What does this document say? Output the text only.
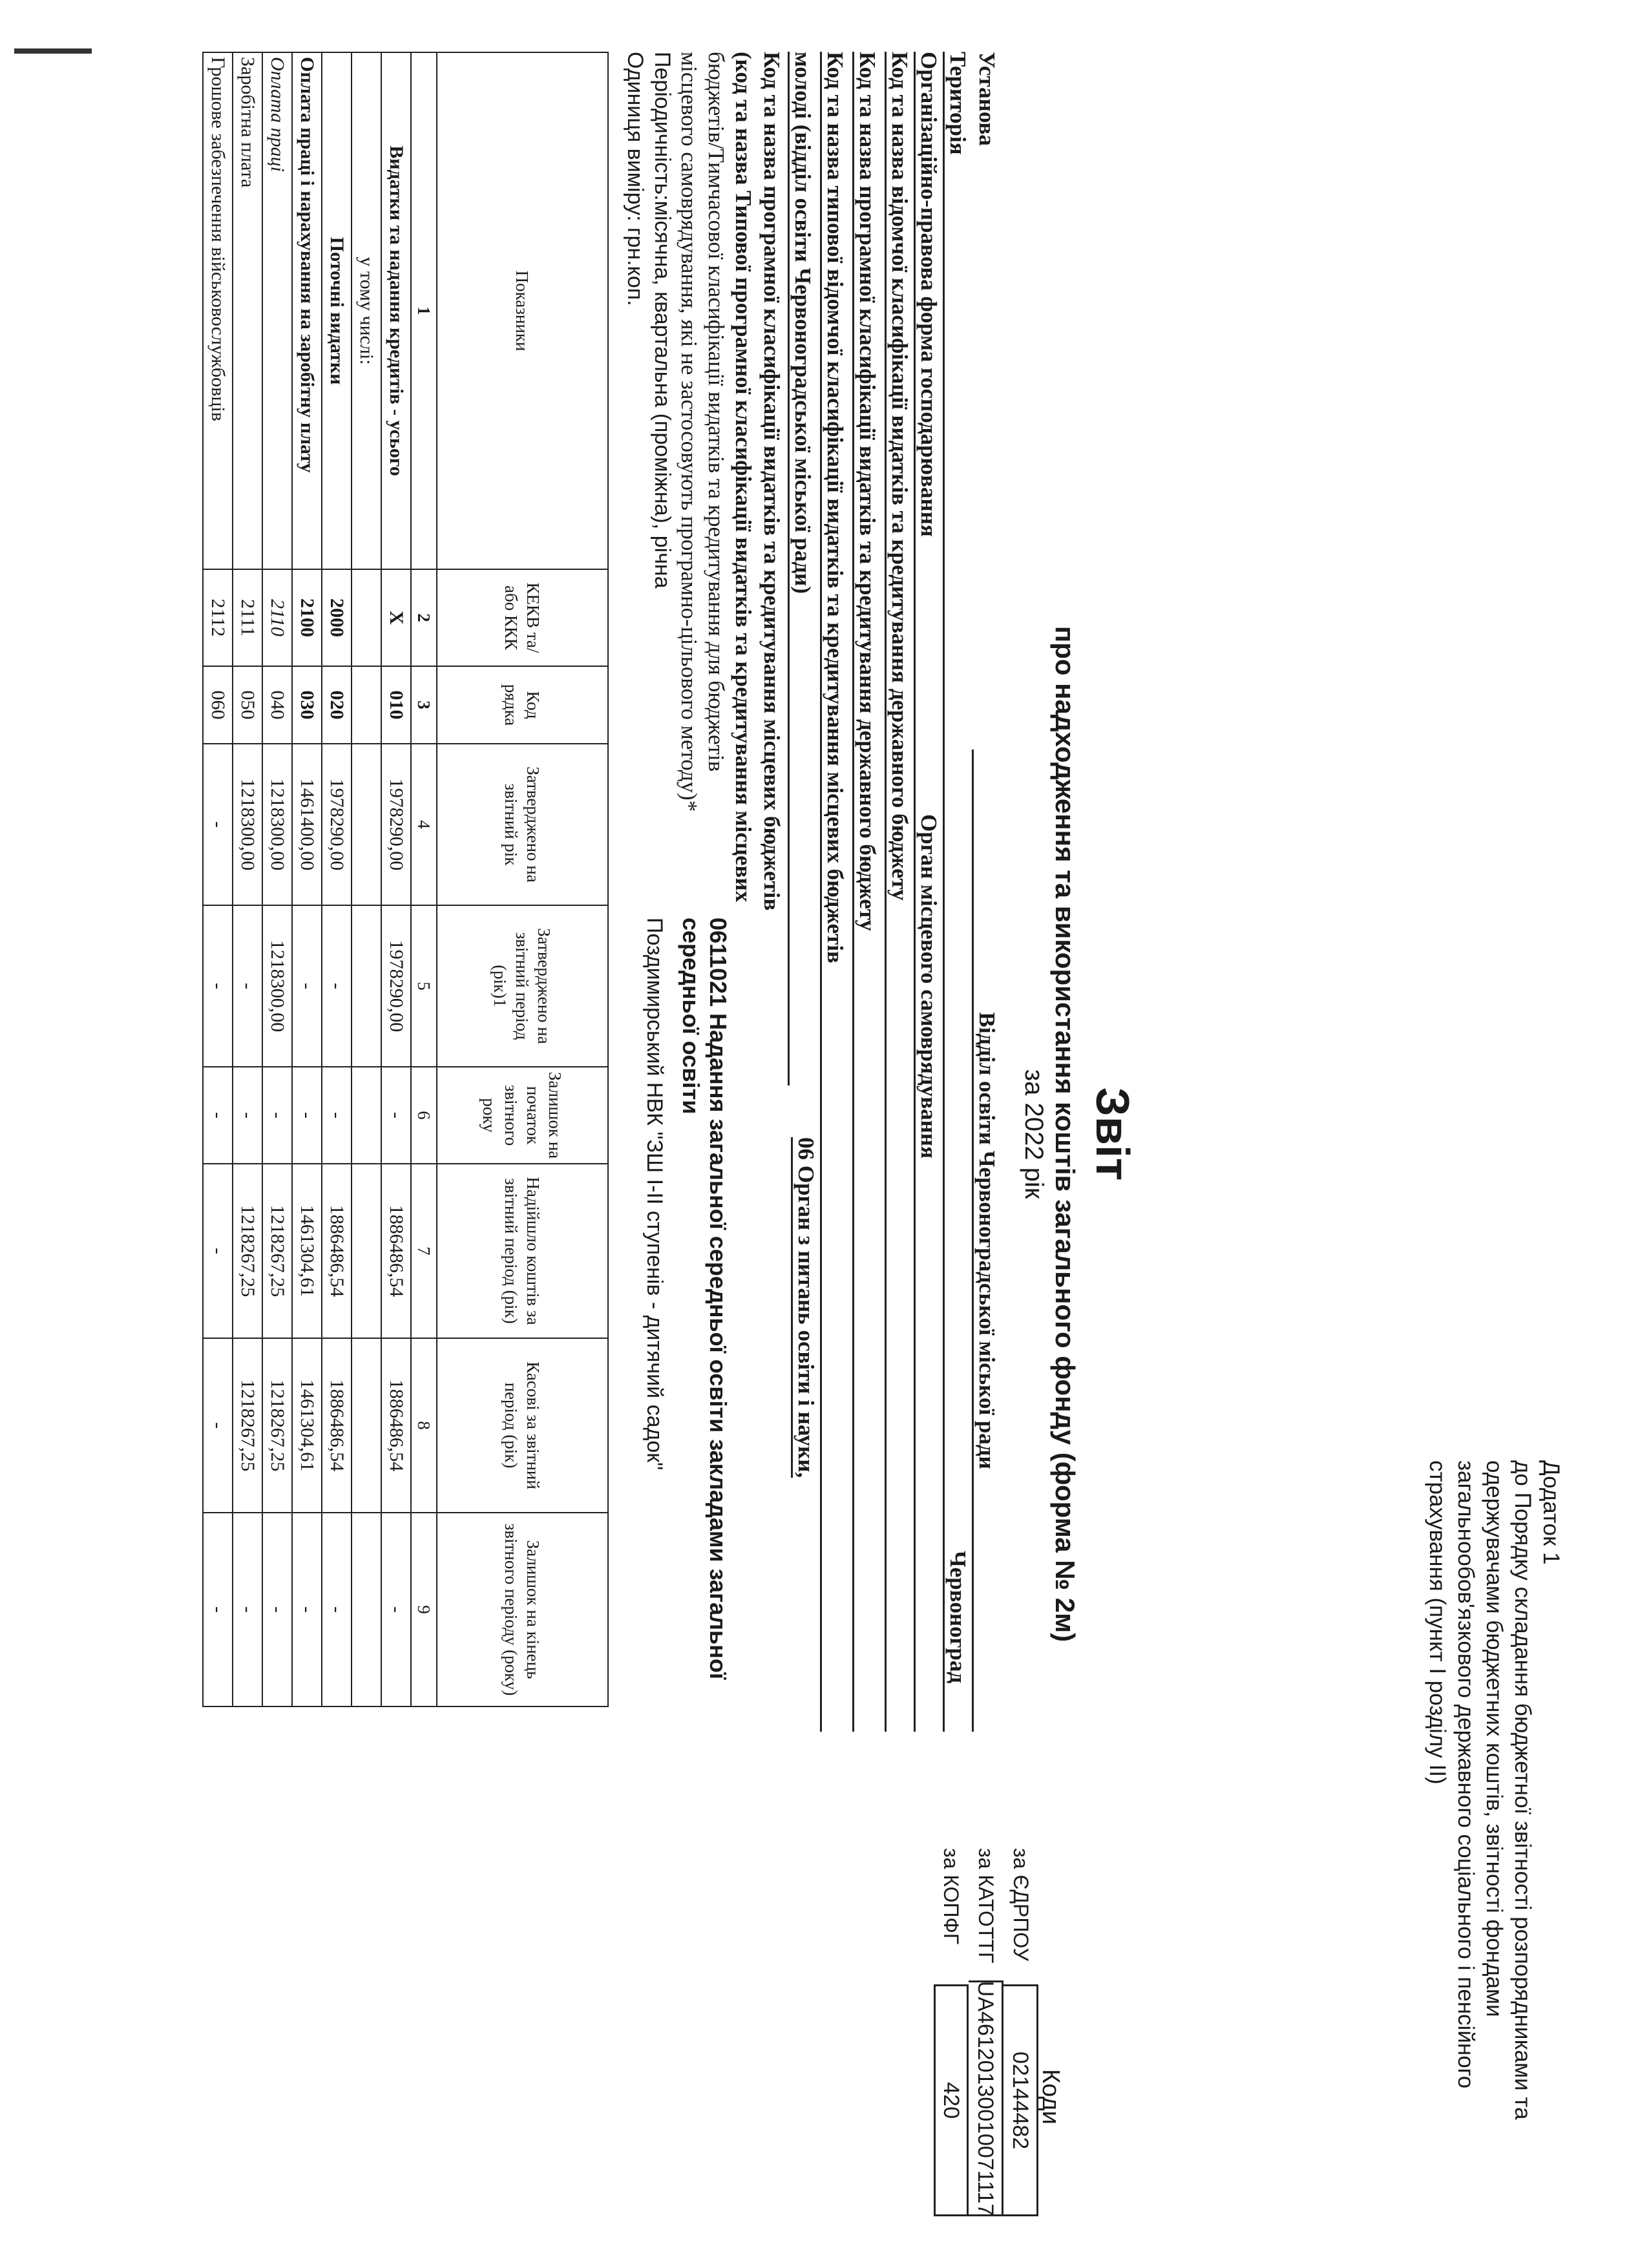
Додаток 1
до Порядку складання бюджетної звітності розпорядниками та
одержувачами бюджетних коштів, звітності фондами
загальнообов'язкового державного соціального і пенсійного
страхування (пункт І розділу ІІ)
Звіт
про надходження та використання коштів загального фонду (форма № 2м)
за 2022 рік
Установа
Відділ освіти Червоноградської міської ради
Територія
Червоноград
Організаційно-правова форма господарювання
Орган місцевого самоврядування
Код та назва відомчої класифікації видатків та кредитування державного бюджету
Код та назва програмної класифікації видатків та кредитування державного бюджету
Код та назва типової відомчої класифікації видатків та кредитування місцевих бюджетів
06 Орган з питань освіти і науки,
молоді (відділ освіти Червоноградської міської ради)
Код та назва програмної класифікації видатків та кредитування місцевих бюджетів
(код та назва Типової програмної класифікації видатків та кредитування місцевих
бюджетів/Тимчасової класифікації видатків та кредитування для бюджетів
місцевого самоврядування, які не застосовують програмно-цільового методу)*
0611021 Надання загальної середньої освіти закладами загальної
середньої освіти
Періодичність:місячна, квартальна (проміжна), річна
Одиниця виміру: грн.коп.
Поздимирський НВК "ЗШ І-ІІ ступенів - дитячий садок"
Коди
за ЄДРПОУ
02144482
за КАТОТТГ
UA46120130010071117
за КОПФГ
420
Показники	КЕКВ та/або ККК	Код рядка	Затверджено на звітний рік	Затверджено на звітний період (рік)1	Залишок на початок звітного року	Надійшло коштів за звітний період (рік)	Касові за звітний період (рік)	Залишок на кінець звітного періоду (року)
1	2	3	4	5	6	7	8	9
Видатки та надання кредитів - усього	X	010	1978290,00	1978290,00	-	1886486,54	1886486,54	-
у тому числі:								
Поточні видатки	2000	020	1978290,00	-	-	1886486,54	1886486,54	-
Оплата праці і нарахування на заробітну плату	2100	030	1461400,00	-	-	1461304,61	1461304,61	-
Оплата праці	2110	040	1218300,00	1218300,00	-	1218267,25	1218267,25	-
Заробітна плата	2111	050	1218300,00	-	-	1218267,25	1218267,25	-
Грошове забезпечення військовослужбовців	2112	060	-	-	-	-	-	-
